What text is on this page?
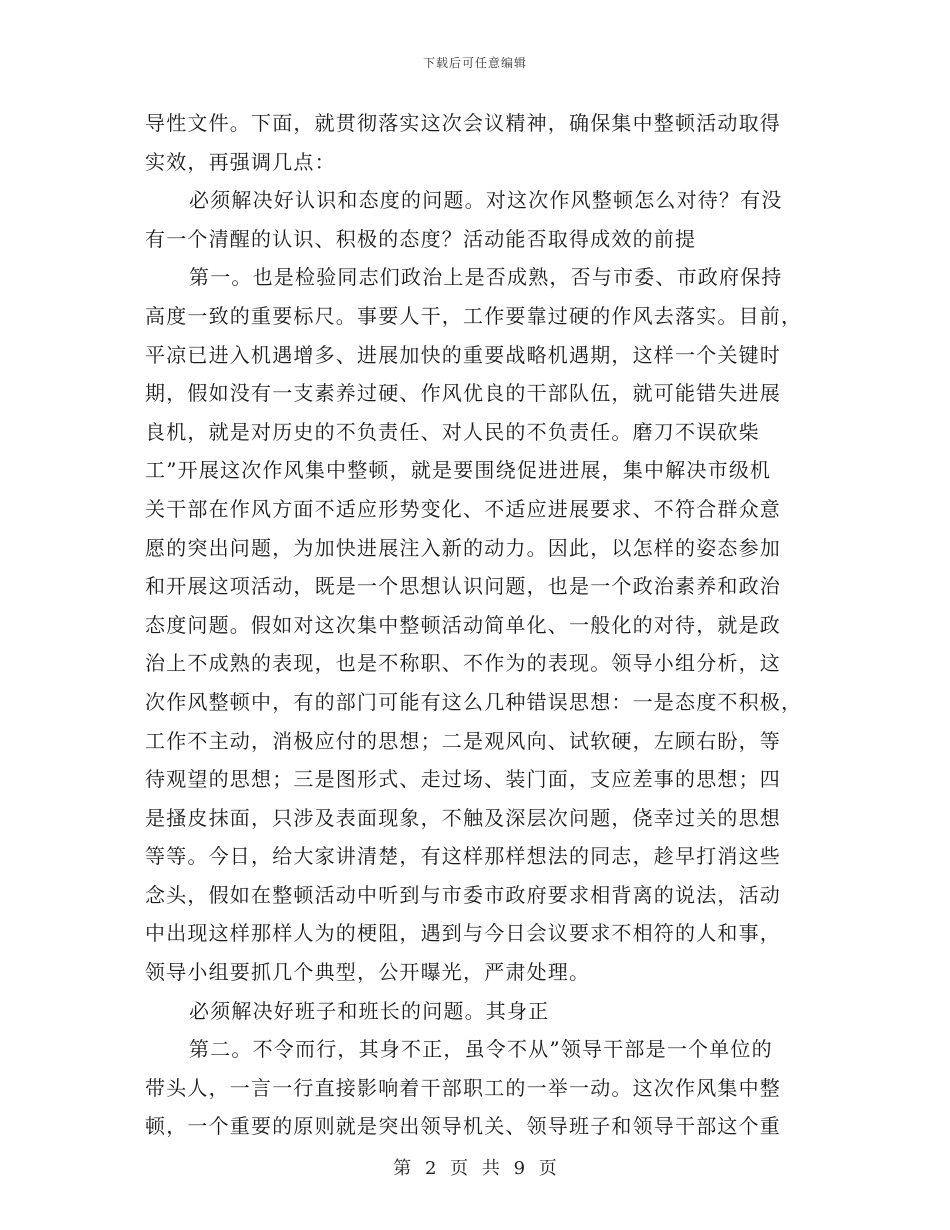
下载后可任意编辑
导性文件。下面，就贯彻落实这次会议精神，确保集中整顿活动取得
实效，再强调几点：
必须解决好认识和态度的问题。对这次作风整顿怎么对待？有没
有一个清醒的认识、积极的态度？活动能否取得成效的前提
第一。也是检验同志们政治上是否成熟，否与市委、市政府保持
高度一致的重要标尺。事要人干，工作要靠过硬的作风去落实。目前，
平凉已进入机遇增多、进展加快的重要战略机遇期，这样一个关键时
期，假如没有一支素养过硬、作风优良的干部队伍，就可能错失进展
良机，就是对历史的不负责任、对人民的不负责任。磨刀不误砍柴
工”开展这次作风集中整顿，就是要围绕促进进展，集中解决市级机
关干部在作风方面不适应形势变化、不适应进展要求、不符合群众意
愿的突出问题，为加快进展注入新的动力。因此，以怎样的姿态参加
和开展这项活动，既是一个思想认识问题，也是一个政治素养和政治
态度问题。假如对这次集中整顿活动简单化、一般化的对待，就是政
治上不成熟的表现，也是不称职、不作为的表现。领导小组分析，这
次作风整顿中，有的部门可能有这么几种错误思想：一是态度不积极，
工作不主动，消极应付的思想；二是观风向、试软硬，左顾右盼，等
待观望的思想；三是图形式、走过场、装门面，支应差事的思想；四
是搔皮抹面，只涉及表面现象，不触及深层次问题，侥幸过关的思想
等等。今日，给大家讲清楚，有这样那样想法的同志，趁早打消这些
念头，假如在整顿活动中听到与市委市政府要求相背离的说法，活动
中出现这样那样人为的梗阻，遇到与今日会议要求不相符的人和事，
领导小组要抓几个典型，公开曝光，严肃处理。
必须解决好班子和班长的问题。其身正
第二。不令而行，其身不正，虽令不从”领导干部是一个单位的
带头人，一言一行直接影响着干部职工的一举一动。这次作风集中整
顿，一个重要的原则就是突出领导机关、领导班子和领导干部这个重
第 2 页 共 9 页
